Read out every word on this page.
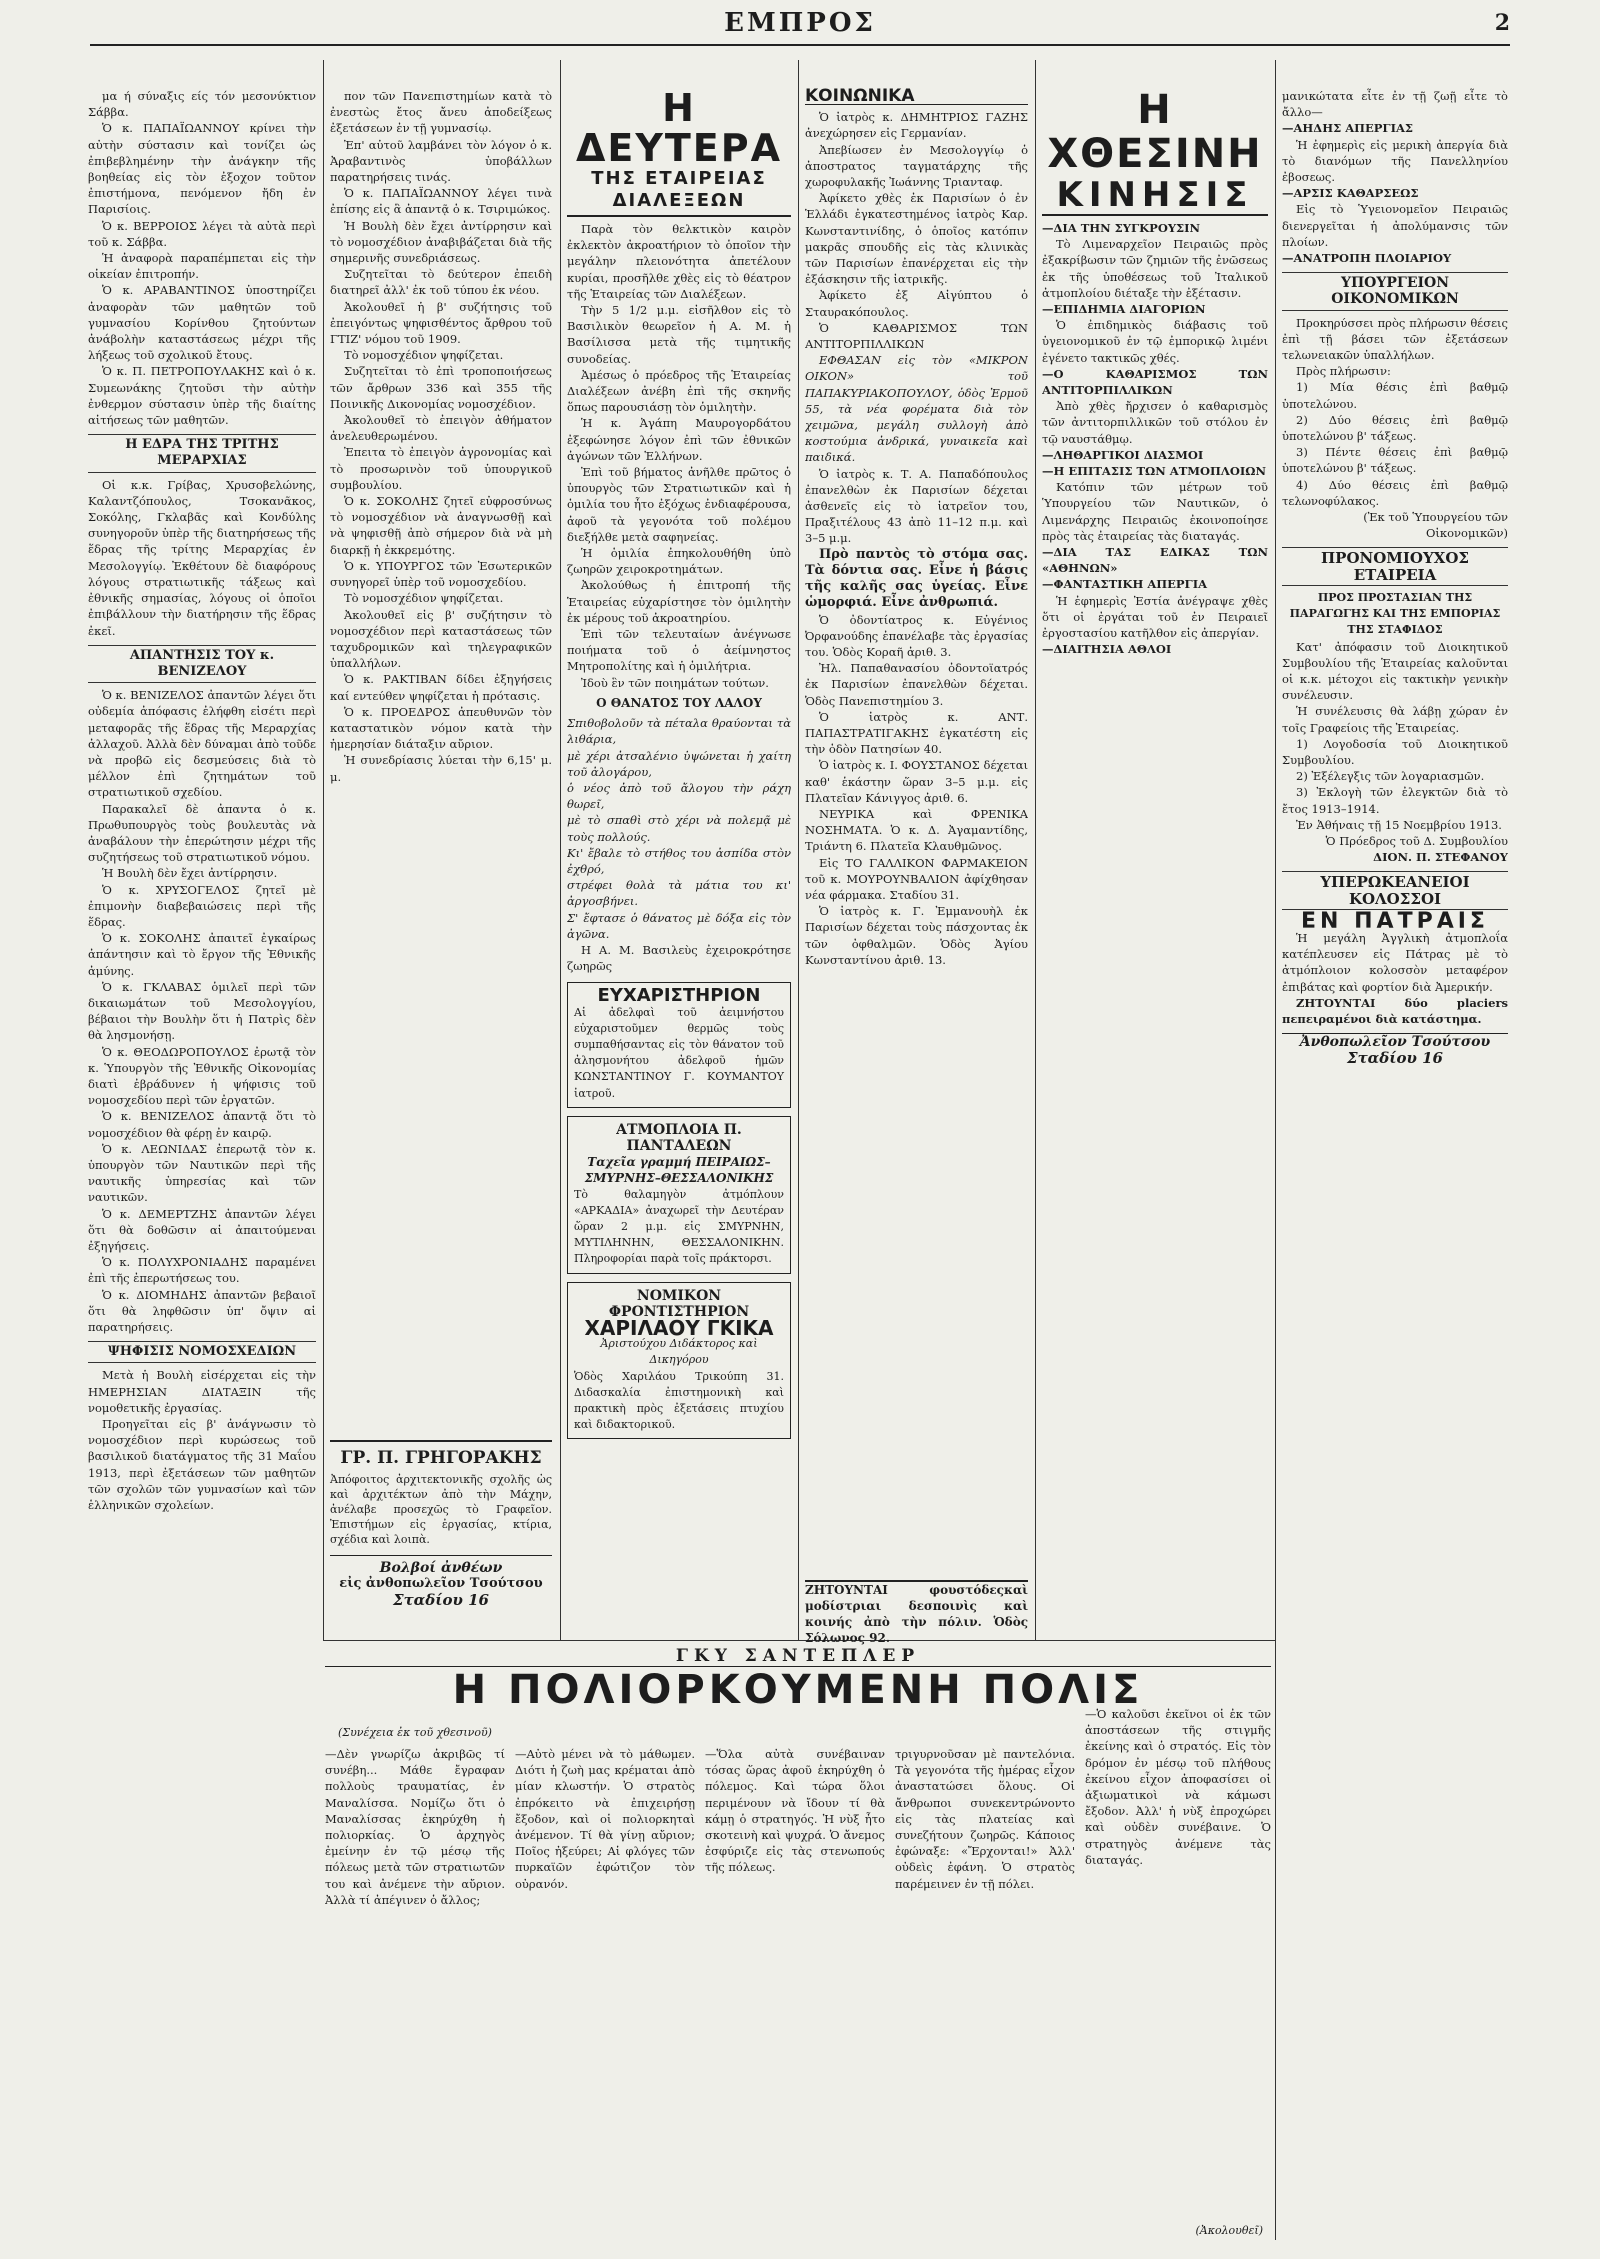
ΕΜΠΡΟΣ	2

μα ή σύναξις είς τόν μεσονύκτιον Σάββα.

Ὁ κ. ΠΑΠΑΪΩΑΝΝΟΥ κρίνει τὴν αὐτὴν σύστασιν καὶ τονίζει ὡς ἐπιβεβλημένην τὴν ἀνάγκην τῆς βοηθείας εἰς τὸν ἐξοχον τοῦτον ἐπιστήμονα, πενόμενον ἤδη ἐν Παρισίοις.

Ὁ κ. ΒΕΡΡΟΙΟΣ λέγει τὰ αὐτὰ περὶ τοῦ κ. Σάββα.

Ἡ ἀναφορὰ παραπέμπεται εἰς τὴν οἰκείαν ἐπιτροπήν.

Ὁ κ. ΑΡΑΒΑΝΤΙΝΟΣ ὑποστηρίζει ἀναφορὰν τῶν μαθητῶν τοῦ γυμνασίου Κορίνθου ζητούντων ἀνάβολὴν καταστάσεως μέχρι τῆς λήξεως τοῦ σχολικοῦ ἔτους.

Ὁ κ. Π. ΠΕΤΡΟΠΟΥΛΑΚΗΣ καὶ ὁ κ. Συμεωνάκης ζητοῦσι τὴν αὐτὴν ἐνθερμον σύστασιν ὑπὲρ τῆς διαίτης αἰτήσεως τῶν μαθητῶν.

Η ΕΔΡΑ ΤΗΣ ΤΡΙΤΗΣ ΜΕΡΑΡΧΙΑΣ

Οἱ κ.κ. Γρίβας, Χρυσοβελώνης, Καλαντζόπουλος, Τσοκανᾶκος, Σοκόλης, Γκλαβᾶς καὶ Κονδύλης συνηγοροῦν ὑπὲρ τῆς διατηρήσεως τῆς ἕδρας τῆς τρίτης Μεραρχίας ἐν Μεσολογγίῳ. Ἐκθέτουν δὲ διαφόρους λόγους στρατιωτικῆς τάξεως καὶ ἐθνικῆς σημασίας, λόγους οἱ ὁποῖοι ἐπιβάλλουν τὴν διατήρησιν τῆς ἕδρας ἐκεῖ.

ΑΠΑΝΤΗΣΙΣ ΤΟΥ κ. ΒΕΝΙΖΕΛΟΥ

Ὁ κ. ΒΕΝΙΖΕΛΟΣ ἀπαντῶν λέγει ὅτι οὐδεμία ἀπόφασις ἐλήφθη εἰσέτι περὶ μεταφορᾶς τῆς ἕδρας τῆς Μεραρχίας ἀλλαχοῦ. Ἀλλὰ δὲν δύναμαι ἀπὸ τοῦδε νὰ προβῶ εἰς δεσμεύσεις διὰ τὸ μέλλον ἐπὶ ζητημάτων τοῦ στρατιωτικοῦ σχεδίου.

Παρακαλεῖ δὲ ἀπαντα ὁ κ. Πρωθυπουργὸς τοὺς βουλευτὰς νὰ ἀναβάλουν τὴν ἐπερώτησιν μέχρι τῆς συζητήσεως τοῦ στρατιωτικοῦ νόμου.

Ἡ Βουλὴ δὲν ἔχει ἀντίρρησιν.

Ὁ κ. ΧΡΥΣΟΓΕΛΟΣ ζητεῖ μὲ ἐπιμονὴν διαβεβαιώσεις περὶ τῆς ἕδρας.

Ὁ κ. ΣΟΚΟΛΗΣ ἀπαιτεῖ ἐγκαίρως ἀπάντησιν καὶ τὸ ἔργον τῆς Ἐθνικῆς ἀμύνης.

Ὁ κ. ΓΚΛΑΒΑΣ ὁμιλεῖ περὶ τῶν δικαιωμάτων τοῦ Μεσολογγίου, βέβαιοι τὴν Βουλὴν ὅτι ἡ Πατρὶς δὲν θὰ λησμονήσῃ.

Ὁ κ. ΘΕΟΔΩΡΟΠΟΥΛΟΣ ἐρωτᾷ τὸν κ. Ὑπουργὸν τῆς Ἐθνικῆς Οἰκονομίας διατὶ ἐβράδυνεν ἡ ψήφισις τοῦ νομοσχεδίου περὶ τῶν ἐργατῶν.

Ὁ κ. ΒΕΝΙΖΕΛΟΣ ἀπαντᾷ ὅτι τὸ νομοσχέδιον θὰ φέρῃ ἐν καιρῷ.

Ὁ κ. ΛΕΩΝΙΔΑΣ ἐπερωτᾷ τὸν κ. ὑπουργὸν τῶν Ναυτικῶν περὶ τῆς ναυτικῆς ὑπηρεσίας καὶ τῶν ναυτικῶν.

Ὁ κ. ΔΕΜΕΡΤΖΗΣ ἀπαντῶν λέγει ὅτι θὰ δοθῶσιν αἱ ἀπαιτούμεναι ἐξηγήσεις.

Ὁ κ. ΠΟΛΥΧΡΟΝΙΑΔΗΣ παραμένει ἐπὶ τῆς ἐπερωτήσεως του.

Ὁ κ. ΔΙΟΜΗΔΗΣ ἀπαντῶν βεβαιοῖ ὅτι θὰ ληφθῶσιν ὑπ' ὄψιν αἱ παρατηρήσεις.

ΨΗΦΙΣΙΣ ΝΟΜΟΣΧΕΔΙΩΝ

Μετὰ ἡ Βουλὴ εἰσέρχεται εἰς τὴν ΗΜΕΡΗΣΙΑΝ ΔΙΑΤΑΞΙΝ τῆς νομοθετικῆς ἐργασίας.

Προηγεῖται εἰς β' ἀνάγνωσιν τὸ νομοσχέδιον περὶ κυρώσεως τοῦ βασιλικοῦ διατάγματος τῆς 31 Μαΐου 1913, περὶ ἐξετάσεων τῶν μαθητῶν τῶν σχολῶν τῶν γυμνασίων καὶ τῶν ἑλληνικῶν σχολείων.

πον τῶν Πανεπιστημίων κατὰ τὸ ἐνεστὼς ἔτος ἄνευ ἀποδείξεως ἐξετάσεων ἐν τῇ γυμνασίῳ.

Ἐπ' αὐτοῦ λαμβάνει τὸν λόγον ὁ κ. Ἀραβαντινὸς ὑποβάλλων παρατηρήσεις τινάς.

Ὁ κ. ΠΑΠΑΪΩΑΝΝΟΥ λέγει τινὰ ἐπίσης εἰς ἃ ἀπαντᾷ ὁ κ. Τσιριμώκος.

Ἡ Βουλὴ δὲν ἔχει ἀντίρρησιν καὶ τὸ νομοσχέδιον ἀναβιβάζεται διὰ τῆς σημερινῆς συνεδριάσεως.

Συζητεῖται τὸ δεύτερον ἐπειδὴ διατηρεῖ ἀλλ' ἐκ τοῦ τύπου ἐκ νέου.

Ἀκολουθεῖ ἡ β' συζήτησις τοῦ ἐπειγόντως ψηφισθέντος ἄρθρου τοῦ ΓΤΙΖ' νόμου τοῦ 1909.

Τὸ νομοσχέδιον ψηφίζεται.

Συζητεῖται τὸ ἐπὶ τροποποιήσεως τῶν ἄρθρων 336 καὶ 355 τῆς Ποινικῆς Δικονομίας νομοσχέδιον.

Ἀκολουθεῖ τὸ ἐπειγὸν ἀθήματον ἀνελευθερωμένου.

Ἐπειτα τὸ ἐπειγὸν ἀγρονομίας καὶ τὸ προσωρινὸν τοῦ ὑπουργικοῦ συμβουλίου.

Ὁ κ. ΣΟΚΟΛΗΣ ζητεῖ εὐφροσύνως τὸ νομοσχέδιον νὰ ἀναγνωσθῇ καὶ νὰ ψηφισθῇ ἀπὸ σήμερον διὰ νὰ μὴ διαρκῇ ἡ ἐκκρεμότης.

Ὁ κ. ΥΠΟΥΡΓΟΣ τῶν Ἐσωτερικῶν συνηγορεῖ ὑπὲρ τοῦ νομοσχεδίου.

Τὸ νομοσχέδιον ψηφίζεται.

Ἀκολουθεῖ εἰς β' συζήτησιν τὸ νομοσχέδιον περὶ καταστάσεως τῶν ταχυδρομικῶν καὶ τηλεγραφικῶν ὑπαλλήλων.

Ὁ κ. ΡΑΚΤΙΒΑΝ δίδει ἐξηγήσεις καί εντεύθεν ψηφίζεται ἡ πρότασις.

Ὁ κ. ΠΡΟΕΔΡΟΣ ἀπευθυνῶν τὸν καταστατικὸν νόμον κατὰ τὴν ἡμερησίαν διάταξιν αὔριον.

Ἡ συνεδρίασις λύεται τὴν 6,15' μ. μ.

ΓΡ. Π. ΓΡΗΓΟΡΑΚΗΣ
Ἀπόφοιτος ἀρχιτεκτονικῆς σχολῆς ὡς καὶ ἀρχιτέκτων ἀπὸ τὴν Μάχην, ἀνέλαβε προσεχῶς τὸ Γραφεῖον. Ἐπιστήμων εἰς ἐργασίας, κτίρια, σχέδια καὶ λοιπὰ.
Βολβοί ἀνθέων
εἰς ἀνθοπωλεῖον Τσούτσου
Σταδίου 16
Η ΔΕΥΤΕΡΑ
ΤΗΣ ΕΤΑΙΡΕΙΑΣ ΔΙΑΛΕΞΕΩΝ

Παρὰ τὸν θελκτικὸν καιρὸν ἐκλεκτὸν ἀκροατήριον τὸ ὁποῖον τὴν μεγάλην πλειονότητα ἀπετέλουν κυρίαι, προσῆλθε χθὲς εἰς τὸ θέατρον τῆς Ἑταιρείας τῶν Διαλέξεων.

Τὴν 5 1/2 μ.μ. εἰσῆλθον εἰς τὸ Βασιλικὸν θεωρεῖον ἡ Α. Μ. ἡ Βασίλισσα μετὰ τῆς τιμητικῆς συνοδείας.

Ἀμέσως ὁ πρόεδρος τῆς Ἑταιρείας Διαλέξεων ἀνέβη ἐπὶ τῆς σκηνῆς ὅπως παρουσιάσῃ τὸν ὁμιλητὴν.

Ἡ κ. Ἀγάπη Μαυρογορδάτου ἐξεφώνησε λόγον ἐπὶ τῶν ἐθνικῶν ἀγώνων τῶν Ἑλλήνων.

Ἐπὶ τοῦ βήματος ἀνῆλθε πρῶτος ὁ ὑπουργὸς τῶν Στρατιωτικῶν καὶ ἡ ὁμιλία του ἦτο ἐξόχως ἐνδιαφέρουσα, ἀφοῦ τὰ γεγονότα τοῦ πολέμου διεξήλθε μετὰ σαφηνείας.

Ἡ ὁμιλία ἐπηκολουθήθη ὑπὸ ζωηρῶν χειροκροτημάτων.

Ἀκολούθως ἡ ἐπιτροπή τῆς Ἑταιρείας εὐχαρίστησε τὸν ὁμιλητὴν ἐκ μέρους τοῦ ἀκροατηρίου.

Ἐπὶ τῶν τελευταίων ἀνέγνωσε ποιήματα τοῦ ὁ ἀείμνηστος Μητροπολίτης καὶ ἡ ὁμιλήτρια.

Ἰδοὺ ἓν τῶν ποιημάτων τούτων.

Ο ΘΑΝΑΤΟΣ ΤΟΥ ΛΑΛΟΥ
Σπιθοβολοῦν τὰ πέταλα θραύονται τὰ λιθάρια,
μὲ χέρι ἀτσαλένιο ὑψώνεται ἡ χαίτη τοῦ ἀλογάρου,
ὁ νέος ἀπὸ τοῦ ἄλογου τὴν ράχη θωρεῖ,
μὲ τὸ σπαθὶ στὸ χέρι νὰ πολεμᾷ μὲ τοὺς πολλούς.
Κι' ἔβαλε τὸ στήθος του ἀσπίδα στὸν ἐχθρό,
στρέφει θολὰ τὰ μάτια του κι' ἀργοσβήνει.
Σ' ἔφτασε ὁ θάνατος μὲ δόξα εἰς τὸν ἀγῶνα.

Η Α. Μ. Βασιλεὺς ἐχειροκρότησε ζωηρῶς

ΕΥΧΑΡΙΣΤΗΡΙΟΝ
Αἱ ἀδελφαὶ τοῦ ἀειμνήστου εὐχαριστοῦμεν θερμῶς τοὺς συμπαθήσαντας εἰς τὸν θάνατον τοῦ ἀλησμονήτου ἀδελφοῦ ἡμῶν ΚΩΝΣΤΑΝΤΙΝΟΥ Γ. ΚΟΥΜΑΝΤΟΥ ἰατροῦ.
ΑΤΜΟΠΛΟΙΑ Π. ΠΑΝΤΑΛΕΩΝ
Ταχεῖα γραμμή ΠΕΙΡΑΙΩΣ–ΣΜΥΡΝΗΣ–ΘΕΣΣΑΛΟΝΙΚΗΣ
Τὸ θαλαμηγὸν ἀτμόπλουν «ΑΡΚΑΔΙΑ» ἀναχωρεῖ τὴν Δευτέραν ὥραν 2 μ.μ. εἰς ΣΜΥΡΝΗΝ, ΜΥΤΙΛΗΝΗΝ, ΘΕΣΣΑΛΟΝΙΚΗΝ. Πληροφορίαι παρὰ τοῖς πράκτορσι.
ΝΟΜΙΚΟΝ ΦΡΟΝΤΙΣΤΗΡΙΟΝ
ΧΑΡΙΛΑΟΥ ΓΚΙΚΑ
Ἀριστούχου Διδάκτορος καὶ Δικηγόρου
Ὁδὸς Χαριλάου Τρικούπη 31. Διδασκαλία ἐπιστημονικὴ καὶ πρακτικὴ πρὸς ἐξετάσεις πτυχίου καὶ διδακτορικοῦ.
ΚΟΙΝΩΝΙΚΑ

Ὁ ἰατρὸς κ. ΔΗΜΗΤΡΙΟΣ ΓΑΖΗΣ ἀνεχώρησεν εἰς Γερμανίαν.

Ἀπεβίωσεν ἐν Μεσολογγίῳ ὁ ἀποστρατος ταγματάρχης τῆς χωροφυλακῆς Ἰωάννης Τριανταφ.

Ἀφίκετο χθὲς ἐκ Παρισίων ὁ ἐν Ἑλλάδι ἐγκατεστημένος ἰατρὸς Καρ. Κωνσταντινίδης, ὁ ὁποῖος κατόπιν μακρᾶς σπουδῆς εἰς τὰς κλινικὰς τῶν Παρισίων ἐπανέρχεται εἰς τὴν ἐξάσκησιν τῆς ἰατρικῆς.

Ἀφίκετο ἐξ Αἰγύπτου ὁ Σταυρακόπουλος.

Ὁ ΚΑΘΑΡΙΣΜΟΣ ΤΩΝ ΑΝΤΙΤΟΡΠΙΛΛΙΚΩΝ

ΕΦΘΑΣΑΝ εἰς τὸν «ΜΙΚΡΟΝ ΟΙΚΟΝ» τοῦ ΠΑΠΑΚΥΡΙΑΚΟΠΟΥΛΟΥ, ὁδὸς Ἑρμοῦ 55, τὰ νέα φορέματα διὰ τὸν χειμῶνα, μεγάλη συλλογὴ ἀπὸ κοστούμια ἀνδρικά, γυναικεῖα καὶ παιδικά.

Ὁ ἰατρὸς κ. Τ. Α. Παπαδόπουλος ἐπανελθὼν ἐκ Παρισίων δέχεται ἀσθενεῖς εἰς τὸ ἰατρεῖον του, Πραξιτέλους 43 ἀπὸ 11–12 π.μ. καὶ 3–5 μ.μ.

Πρὸ παντὸς τὸ στόμα σας. Τὰ δόντια σας. Εἶνε ἡ βάσις τῆς καλῆς σας ὑγείας. Εἶνε ὡμορφιά. Εἶνε ἀνθρωπιά.

Ὁ ὀδοντίατρος κ. Εὐγένιος Ὀρφανούδης ἐπανέλαβε τὰς ἐργασίας του. Ὁδὸς Κοραῆ ἀριθ. 3.

Ἠλ. Παπαθανασίου ὀδοντοϊατρός ἐκ Παρισίων ἐπανελθὼν δέχεται. Ὁδὸς Πανεπιστημίου 3.

Ὁ ἰατρὸς κ. ΑΝΤ. ΠΑΠΑΣΤΡΑΤΙΓΑΚΗΣ ἐγκατέστη εἰς τὴν ὁδὸν Πατησίων 40.

Ὁ ἰατρὸς κ. Ι. ΦΟΥΣΤΑΝΟΣ δέχεται καθ' ἑκάστην ὥραν 3–5 μ.μ. εἰς Πλατεῖαν Κάνιγγος ἀριθ. 6.

ΝΕΥΡΙΚΑ καὶ ΦΡΕΝΙΚΑ ΝΟΣΗΜΑΤΑ. Ὁ κ. Δ. Ἀγαμαντίδης, Τριάντη 6. Πλατεῖα Κλαυθμῶνος.

Εἰς ΤΟ ΓΑΛΛΙΚΟΝ ΦΑΡΜΑΚΕΙΟΝ τοῦ κ. ΜΟΥΡΟΥΝΒΑΛΙΟΝ ἀφίχθησαν νέα φάρμακα. Σταδίου 31.

Ὁ ἰατρὸς κ. Γ. Ἐμμανουὴλ ἐκ Παρισίων δέχεται τοὺς πάσχοντας ἐκ τῶν ὀφθαλμῶν. Ὁδὸς Ἀγίου Κωνσταντίνου ἀριθ. 13.

ΖΗΤΟΥΝΤΑΙ φουστόδεςκαὶ μοδίστριαι δεσποινὶς καὶ κοινής ἀπὸ τὴν πόλιν. Ὁδὸς Σόλωνος 92.
Η ΧΘΕΣΙΝΗ
ΚΙΝΗΣΙΣ
—ΔΙΑ ΤΗΝ ΣΥΓΚΡΟΥΣΙΝ

Τὸ Λιμεναρχεῖον Πειραιῶς πρὸς ἐξακρίβωσιν τῶν ζημιῶν τῆς ἐνῶσεως ἐκ τῆς ὑποθέσεως τοῦ Ἰταλικοῦ ἀτμοπλοίου διέταξε τὴν ἐξέτασιν.

—ΕΠΙΔΗΜΙΑ ΔΙΑΓΟΡΙΩΝ

Ὁ ἐπιδημικὸς διάβασις τοῦ ὑγειονομικοῦ ἐν τῷ ἐμπορικῷ λιμένι ἐγένετο τακτικῶς χθές.

—Ο ΚΑΘΑΡΙΣΜΟΣ ΤΩΝ ΑΝΤΙΤΟΡΠΙΛΛΙΚΩΝ

Ἀπὸ χθὲς ἤρχισεν ὁ καθαρισμὸς τῶν ἀντιτορπιλλικῶν τοῦ στόλου ἐν τῷ ναυστάθμῳ.

—ΛΗΘΑΡΓΙΚΟΙ ΔΙΑΣΜΟΙ
—Η ΕΠΙΤΑΣΙΣ ΤΩΝ ΑΤΜΟΠΛΟΙΩΝ

Κατόπιν τῶν μέτρων τοῦ Ὑπουργείου τῶν Ναυτικῶν, ὁ Λιμενάρχης Πειραιῶς ἐκοινοποίησε πρὸς τὰς ἐταιρείας τὰς διαταγάς.

—ΔΙΑ ΤΑΣ ΕΔΙΚΑΣ ΤΩΝ «ΑΘΗΝΩΝ»
—ΦΑΝΤΑΣΤΙΚΗ ΑΠΕΡΓΙΑ

Ἡ ἐφημερὶς Ἐστία ἀνέγραψε χθὲς ὅτι οἱ ἐργάται τοῦ ἐν Πειραιεῖ ἐργοστασίου κατῆλθον εἰς ἀπεργίαν.

—ΔΙΑΙΤΗΣΙΑ ΑΘΛΟΙ
μανικώτατα εἶτε ἐν τῇ ζωῇ εἶτε τὸ ἄλλο—
—ΑΗΔΗΣ ΑΠΕΡΓΙΑΣ

Ἡ ἐφημερὶς εἰς μερικὴ ἀπεργία διὰ τὸ διανόμων τῆς Πανελληνίου ἐβοσεως.

—ΑΡΣΙΣ ΚΑΘΑΡΣΕΩΣ

Εἰς τὸ Ὑγειονομεῖον Πειραιῶς διενεργεῖται ἡ ἀπολύμανσις τῶν πλοίων.

—ΑΝΑΤΡΟΠΗ ΠΛΟΙΑΡΙΟΥ
ΥΠΟΥΡΓΕΙΟΝ ΟΙΚΟΝΟΜΙΚΩΝ

Προκηρύσσει πρὸς πλήρωσιν θέσεις ἐπὶ τῇ βάσει τῶν ἐξετάσεων τελωνειακῶν ὑπαλλήλων.

Πρὸς πλήρωσιν:

1) Μία θέσις ἐπὶ βαθμῷ ὑποτελώνου.

2) Δύο θέσεις ἐπὶ βαθμῷ ὑποτελώνου β' τάξεως.

3) Πέντε θέσεις ἐπὶ βαθμῷ ὑποτελώνου β' τάξεως.

4) Δύο θέσεις ἐπὶ βαθμῷ τελωνοφύλακος.

(Ἐκ τοῦ Ὑπουργείου τῶν Οἰκονομικῶν)

ΠΡΟΝΟΜΙΟΥΧΟΣ ΕΤΑΙΡΕΙΑ
ΠΡΟΣ ΠΡΟΣΤΑΣΙΑΝ ΤΗΣ ΠΑΡΑΓΩΓΗΣ ΚΑΙ ΤΗΣ ΕΜΠΟΡΙΑΣ ΤΗΣ ΣΤΑΦΙΔΟΣ

Κατ' ἀπόφασιν τοῦ Διοικητικοῦ Συμβουλίου τῆς Ἑταιρείας καλοῦνται οἱ κ.κ. μέτοχοι εἰς τακτικὴν γενικὴν συνέλευσιν.

Ἡ συνέλευσις θὰ λάβῃ χώραν ἐν τοῖς Γραφείοις τῆς Ἑταιρείας.

1) Λογοδοσία τοῦ Διοικητικοῦ Συμβουλίου.

2) Ἐξέλεγξις τῶν λογαριασμῶν.

3) Ἐκλογὴ τῶν ἐλεγκτῶν διὰ τὸ ἔτος 1913–1914.

Ἐν Ἀθήναις τῇ 15 Νοεμβρίου 1913.

Ὁ Πρόεδρος τοῦ Δ. Συμβουλίου

ΔΙΟΝ. Π. ΣΤΕΦΑΝΟΥ

ΥΠΕΡΩΚΕΑΝΕΙΟΙ ΚΟΛΟΣΣΟΙ
ΕΝ ΠΑΤΡΑΙΣ

Ἡ μεγάλη Ἀγγλικὴ ἀτμοπλοΐα κατέπλευσεν εἰς Πάτρας μὲ τὸ ἀτμόπλοιον κολοσσὸν μεταφέρον ἐπιβάτας καὶ φορτίον διὰ Ἀμερικήν.

ΖΗΤΟΥΝΤΑΙ δύο placiers πεπειραμένοι διὰ κατάστημα.

Ἀνθοπωλεῖον Τσούτσου
Σταδίου 16
ΓΚΥ ΣΑΝΤΕΠΛΕΡ
Η ΠΟΛΙΟΡΚΟΥΜΕΝΗ ΠΟΛΙΣ
(Συνέχεια ἐκ τοῦ χθεσινοῦ)
—Δὲν γνωρίζω ἀκριβῶς τί συνέβη... Μάθε ἔγραφαν πολλοὺς τραυματίας, ἐν Μαναλίσσα. Νομίζω ὅτι ὁ Μαναλίσσας ἐκηρύχθη ἡ πολιορκίας. Ὁ ἀρχηγὸς ἐμείνην ἐν τῷ μέσῳ τῆς πόλεως μετὰ τῶν στρατιωτῶν του καὶ ἀνέμενε τὴν αὔριον. Ἀλλὰ τί ἀπέγινεν ὁ ἄλλος;
—Αὐτὸ μένει νὰ τὸ μάθωμεν. Διότι ἡ ζωὴ μας κρέμαται ἀπὸ μίαν κλωστήν. Ὁ στρατὸς ἐπρόκειτο νὰ ἐπιχειρήσῃ ἔξοδον, καὶ οἱ πολιορκηταὶ ἀνέμενον. Τί θὰ γίνῃ αὔριον; Ποῖος ἠξεύρει; Αἱ φλόγες τῶν πυρκαϊῶν ἐφώτιζον τὸν οὐρανόν.
—Ὅλα αὐτὰ συνέβαιναν τόσας ὥρας ἀφοῦ ἐκηρύχθη ὁ πόλεμος. Καὶ τώρα ὅλοι περιμένουν νὰ ἴδουν τί θὰ κάμῃ ὁ στρατηγός. Ἡ νὺξ ἦτο σκοτεινὴ καὶ ψυχρά. Ὁ ἄνεμος ἐσφύριζε εἰς τὰς στενωπούς τῆς πόλεως.
τριγυρνοῦσαν μὲ παντελόνια. Τὰ γεγονότα τῆς ἡμέρας εἶχον ἀναστατώσει ὅλους. Οἱ ἄνθρωποι συνεκεντρώνοντο εἰς τὰς πλατείας καὶ συνεζήτουν ζωηρῶς. Κάποιος ἐφώναξε: «Ἔρχονται!» Ἀλλ' οὐδεὶς ἐφάνη. Ὁ στρατὸς παρέμεινεν ἐν τῇ πόλει.
—Ὁ καλοῦσι ἐκεῖνοι οἱ ἐκ τῶν ἀποστάσεων τῆς στιγμῆς ἐκείνης καὶ ὁ στρατός. Εἰς τὸν δρόμον ἐν μέσῳ τοῦ πλήθους ἐκείνου εἶχον ἀποφασίσει οἱ ἀξιωματικοὶ νὰ κάμωσι ἔξοδον. Ἀλλ' ἡ νὺξ ἐπροχώρει καὶ οὐδὲν συνέβαινε. Ὁ στρατηγὸς ἀνέμενε τὰς διαταγάς.
(Ἀκολουθεῖ)
